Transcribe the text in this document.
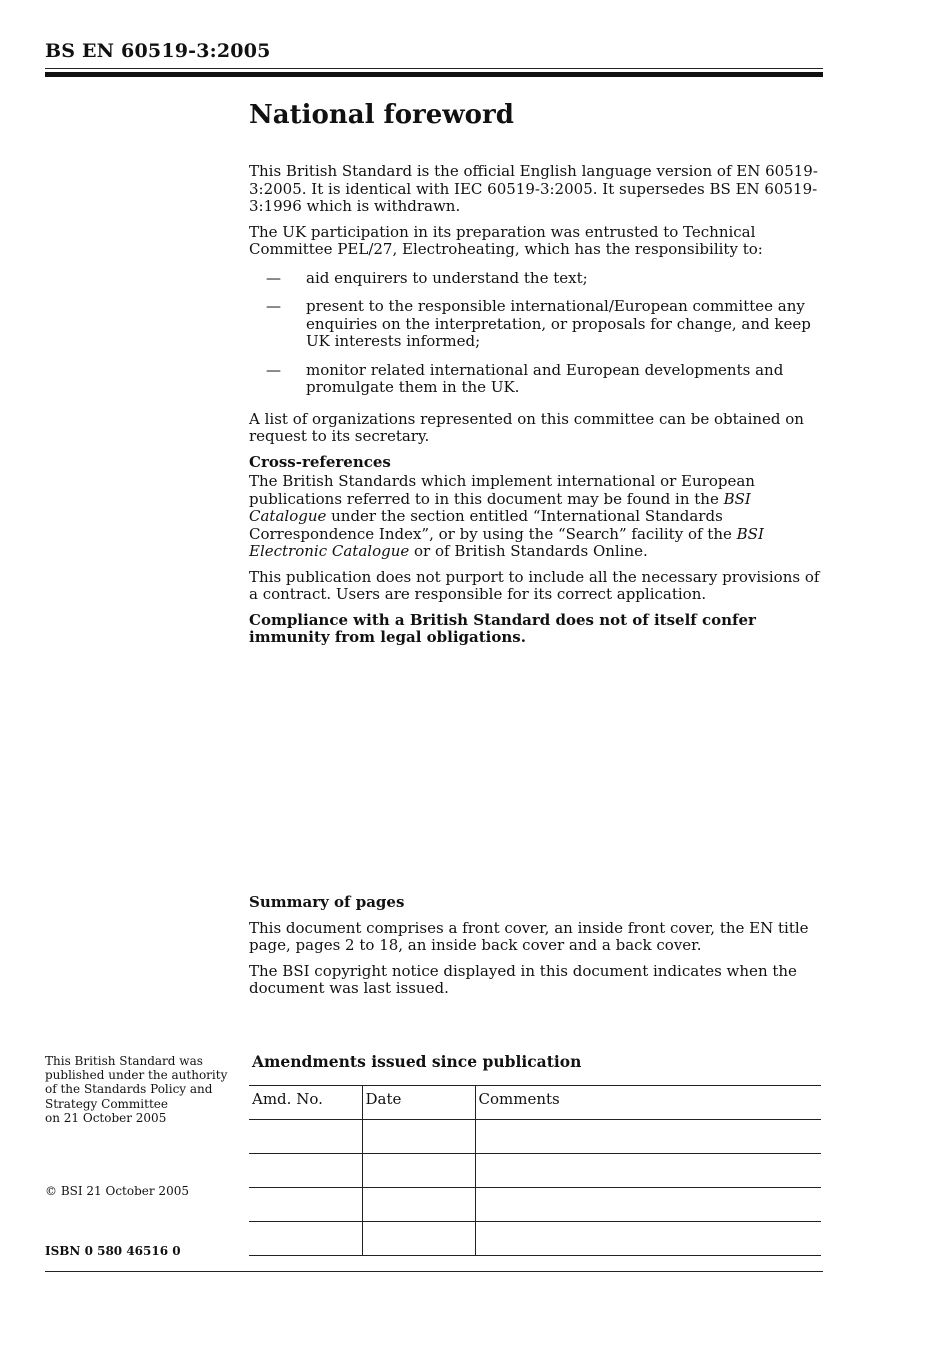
BS EN 60519-3:2005
National foreword

This British Standard is the official English language version of EN 60519-3:2005. It is identical with IEC 60519-3:2005. It supersedes BS EN 60519-3:1996 which is withdrawn.

The UK participation in its preparation was entrusted to Technical Committee PEL/27, Electroheating, which has the responsibility to:

— aid enquirers to understand the text;
— present to the responsible international/European committee any enquiries on the interpretation, or proposals for change, and keep UK interests informed;
— monitor related international and European developments and promulgate them in the UK.

A list of organizations represented on this committee can be obtained on request to its secretary.

Cross-references

The British Standards which implement international or European publications referred to in this document may be found in the BSI Catalogue under the section entitled “International Standards Correspondence Index”, or by using the “Search” facility of the BSI Electronic Catalogue or of British Standards Online.

This publication does not purport to include all the necessary provisions of a contract. Users are responsible for its correct application.

Compliance with a British Standard does not of itself confer immunity from legal obligations.

Summary of pages

This document comprises a front cover, an inside front cover, the EN title page, pages 2 to 18, an inside back cover and a back cover.

The BSI copyright notice displayed in this document indicates when the document was last issued.

This British Standard was
published under the authority
of the Standards Policy and
Strategy Committee
on 21 October 2005
© BSI 21 October 2005
ISBN 0 580 46516 0
Amendments issued since publication
Amd. No.	Date	Comments
